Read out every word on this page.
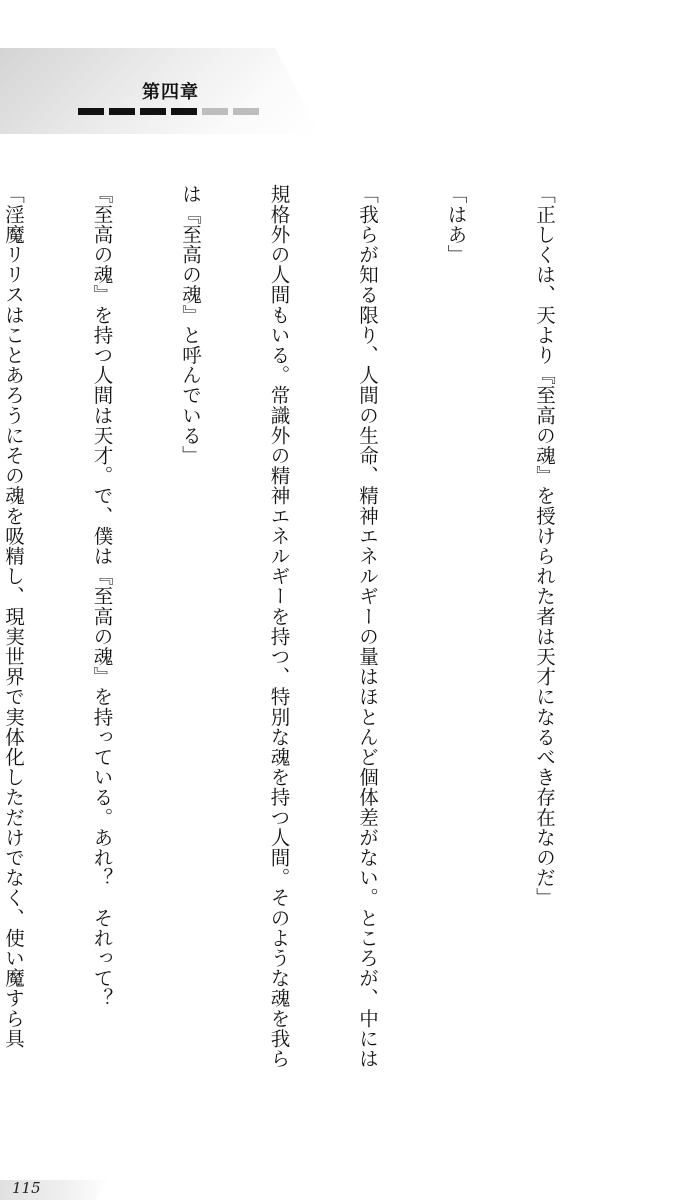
第四章

「正しくは、天より『至高の魂』を授けられた者は天才になるべき存在なのだ」

「はあ」

「我らが知る限り、人間の生命、精神エネルギーの量はほとんど個体差がない。ところが、中には

規格外の人間もいる。常識外の精神エネルギーを持つ、特別な魂を持つ人間。そのような魂を我ら

は『至高の魂』と呼んでいる」

『至高の魂』を持つ人間は天才。で、僕は『至高の魂』を持っている。あれ？　それって？

「淫魔リリスはことあろうにその魂を吸精し、現実世界で実体化しただけでなく、使い魔すら具

115
